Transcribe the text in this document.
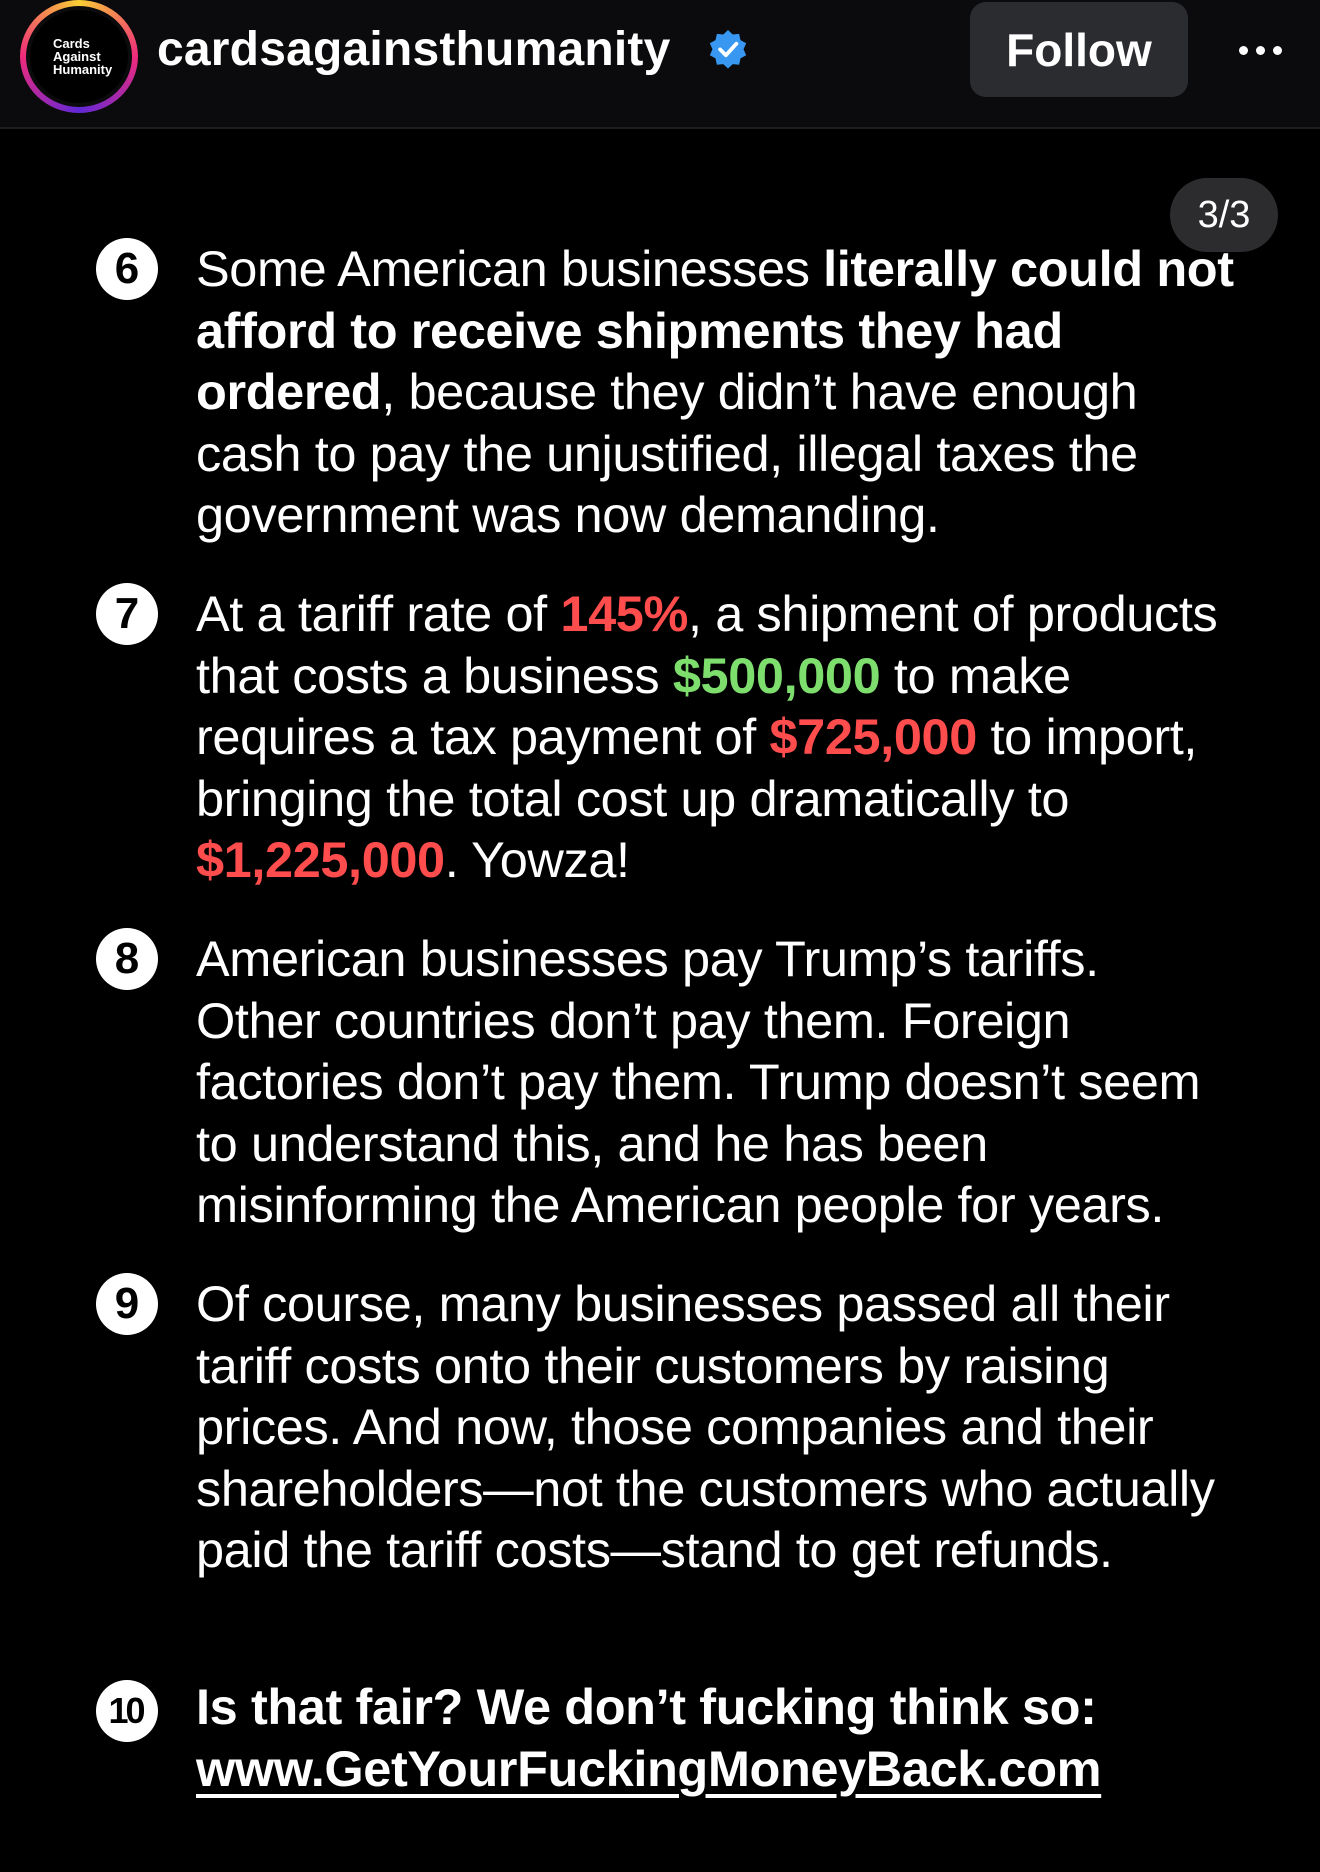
Cards
Against
Humanity cardsagainsthumanity	Follow
3/3
6	Some American businesses literally could not afford to receive shipments they had ordered, because they didn’t have enough cash to pay the unjustified, illegal taxes the government was now demanding.

7	At a tariff rate of 145%, a shipment of products that costs a business $500,000 to make requires a tax payment of $725,000 to import, bringing the total cost up dramatically to $1,225,000. Yowza!

8	American businesses pay Trump’s tariffs. Other countries don’t pay them. Foreign factories don’t pay them. Trump doesn’t seem to understand this, and he has been misinforming the American people for years.

9	Of course, many businesses passed all their tariff costs onto their customers by raising prices. And now, those companies and their shareholders—not the customers who actually paid the tariff costs—stand to get refunds.

10	Is that fair? We don’t fucking think so:
www.GetYourFuckingMoneyBack.com
